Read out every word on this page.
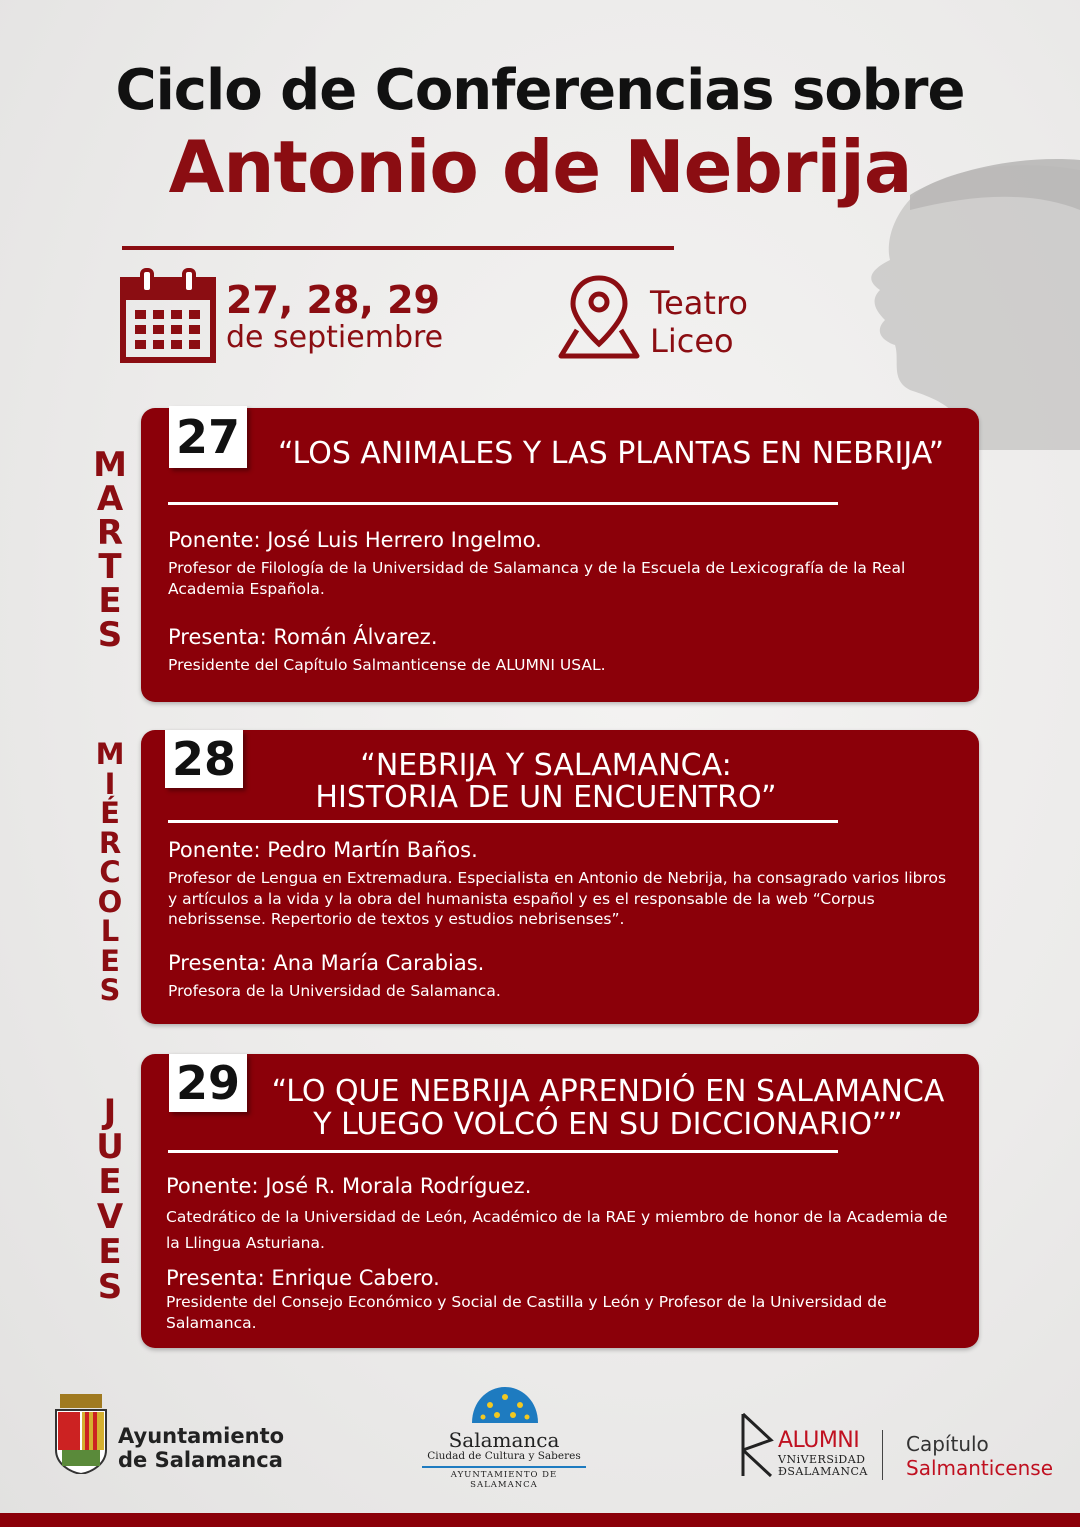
Ciclo de Conferencias sobre
Antonio de Nebrija
27, 28, 29
de septiembre
Teatro
Liceo
M
A
R
T
E
S
M
I
É
R
C
O
L
E
S
J
U
E
V
E
S
27	“LOS ANIMALES Y LAS PLANTAS EN NEBRIJA”
Ponente: José Luis Herrero Ingelmo.
Profesor de Filología de la Universidad de Salamanca y de la Escuela de Lexicografía de la Real Academia Española.
Presenta: Román Álvarez.
Presidente del Capítulo Salmanticense de ALUMNI USAL.
28	“NEBRIJA Y SALAMANCA:
HISTORIA DE UN ENCUENTRO”
Ponente: Pedro Martín Baños.
Profesor de Lengua en Extremadura. Especialista en Antonio de Nebrija, ha consagrado varios libros y artículos a la vida y la obra del humanista español y es el responsable de la web “Corpus nebrissense. Repertorio de textos y estudios nebrisenses”.
Presenta: Ana María Carabias.
Profesora de la Universidad de Salamanca.
29	“LO QUE NEBRIJA APRENDIÓ EN SALAMANCA
Y LUEGO VOLCÓ EN SU DICCIONARIO””
Ponente: José R. Morala Rodríguez.
Catedrático de la Universidad de León, Académico de la RAE y miembro de honor de la Academia de la Llingua Asturiana.
Presenta: Enrique Cabero.
Presidente del Consejo Económico y Social de Castilla y León y Profesor de la Universidad de Salamanca.
Ayuntamiento
de Salamanca
Salamanca
Ciudad de Cultura y Saberes
AYUNTAMIENTO DE SALAMANCA
ALUMNI
VNiVERSiDAD
ÐSALAMANCA
Capítulo
Salmanticense
